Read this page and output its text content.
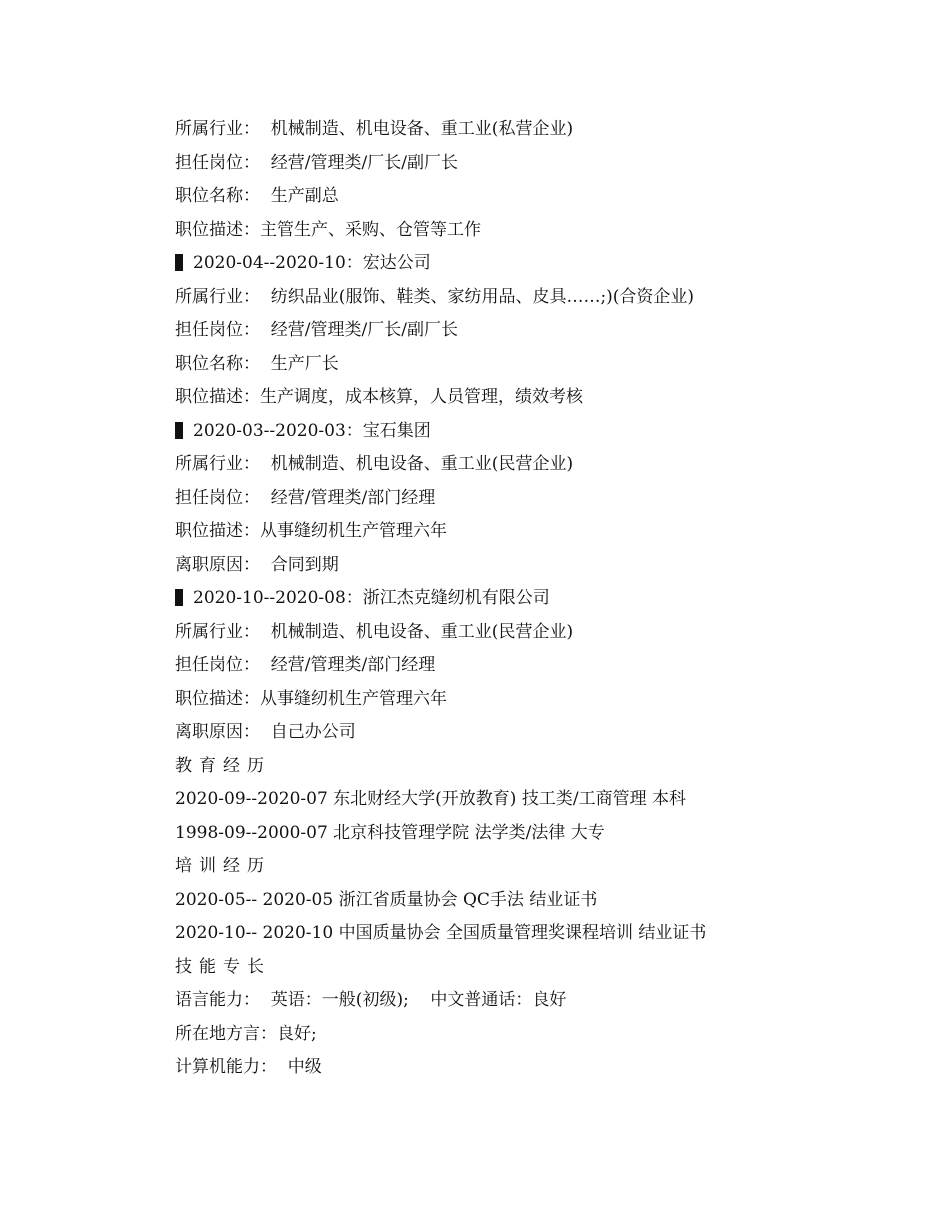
所属行业：  机械制造、机电设备、重工业(私营企业)
担任岗位：  经营/管理类/厂长/副厂长
职位名称：  生产副总
职位描述：主管生产、采购、仓管等工作
2020-04--2020-10：宏达公司
所属行业：  纺织品业(服饰、鞋类、家纺用品、皮具……;)(合资企业)
担任岗位：  经营/管理类/厂长/副厂长
职位名称：  生产厂长
职位描述：生产调度，成本核算，人员管理，绩效考核
2020-03--2020-03：宝石集团
所属行业：  机械制造、机电设备、重工业(民营企业)
担任岗位：  经营/管理类/部门经理
职位描述：从事缝纫机生产管理六年
离职原因：  合同到期
2020-10--2020-08：浙江杰克缝纫机有限公司
所属行业：  机械制造、机电设备、重工业(民营企业)
担任岗位：  经营/管理类/部门经理
职位描述：从事缝纫机生产管理六年
离职原因：  自己办公司
教育经历
2020-09--2020-07 东北财经大学(开放教育) 技工类/工商管理 本科
1998-09--2000-07 北京科技管理学院 法学类/法律 大专
培训经历
2020-05-- 2020-05 浙江省质量协会 QC手法 结业证书
2020-10-- 2020-10 中国质量协会 全国质量管理奖课程培训 结业证书
技能专长
语言能力：  英语：一般(初级);    中文普通话：良好
所在地方言：良好;
计算机能力：  中级
